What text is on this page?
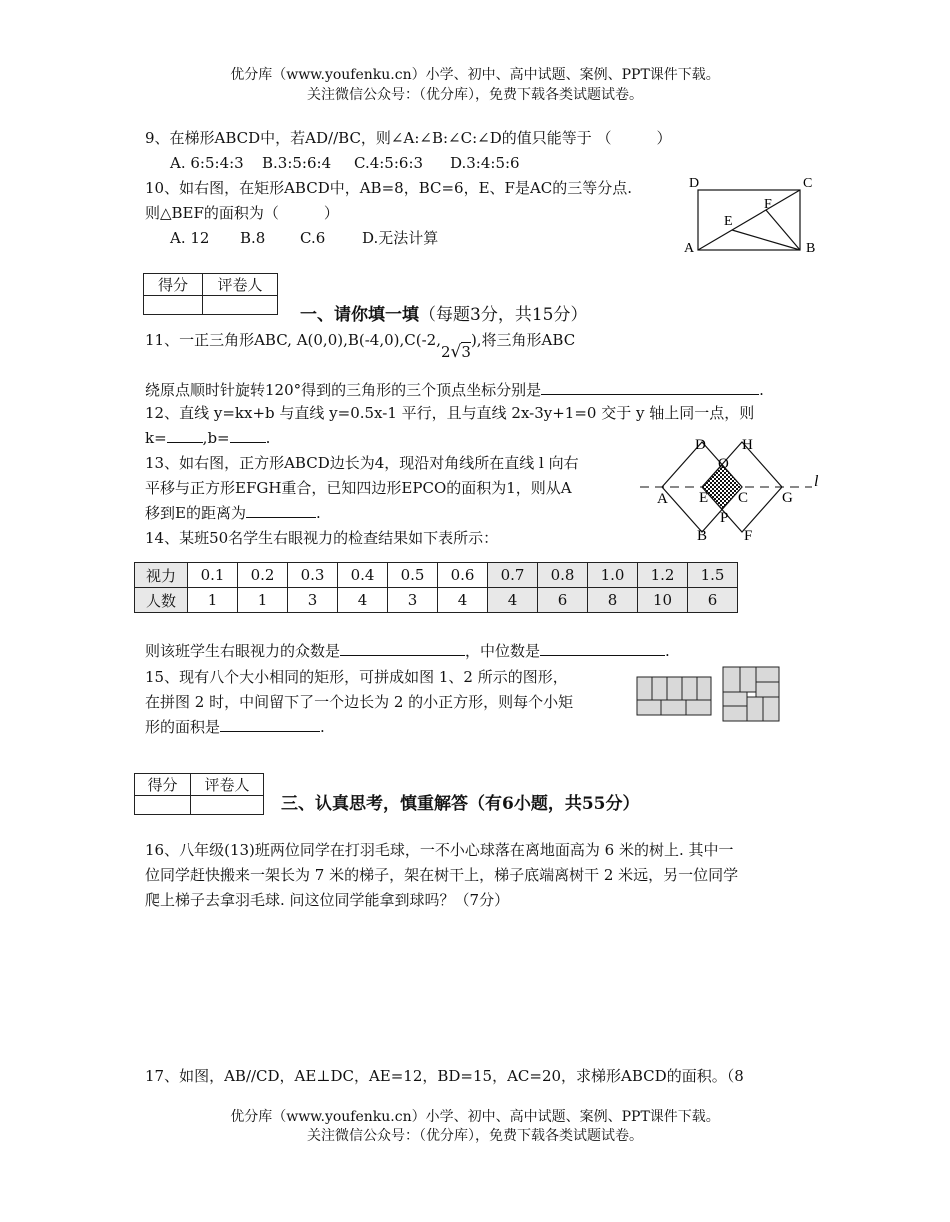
优分库（www.youfenku.cn）小学、初中、高中试题、案例、PPT课件下载。
关注微信公众号：（优分库），免费下载各类试题试卷。
9、在梯形ABCD中，若AD//BC，则∠A:∠B:∠C:∠D的值只能等于 （　　　）
A. 6:5:4:3 B.3:5:6:4 C.4:5:6:3 D.3:4:5:6
10、如右图，在矩形ABCD中，AB=8，BC=6，E、F是AC的三等分点.
则△BEF的面积为（　　　）
A. 12 B.8 C.6 D.无法计算
D	C
A	B
E
F
得分	评卷人

一、请你填一填（每题3分，共15分）
11、一正三角形ABC, A(0,0),B(-4,0),C(-2,2√3),将三角形ABC
绕原点顺时针旋转120°得到的三角形的三个顶点坐标分别是	.
12、直线 y=kx+b 与直线 y=0.5x-1 平行，且与直线 2x-3y+1=0 交于 y 轴上同一点，则
k= ,b= .
13、如右图，正方形ABCD边长为4，现沿对角线所在直线 l 向右
平移与正方形EFGH重合，已知四边形EPCO的面积为1，则从A
移到E的距离为	.
D H
O
A E C G
l
P
B F
14、某班50名学生右眼视力的检查结果如下表所示：
视力	0.1	0.2	0.3	0.4	0.5	0.6	0.7	0.8	1.0	1.2	1.5
人数	1	1	3	4	3	4	4	6	8	10	6
则该班学生右眼视力的众数是	，中位数是	.
15、现有八个大小相同的矩形，可拼成如图 1、2 所示的图形，
在拼图 2 时，中间留下了一个边长为 2 的小正方形，则每个小矩
形的面积是	.
得分	评卷人

三、认真思考，慎重解答（有6小题，共55分）
16、八年级(13)班两位同学在打羽毛球，一不小心球落在离地面高为 6 米的树上. 其中一
位同学赶快搬来一架长为 7 米的梯子，架在树干上，梯子底端离树干 2 米远，另一位同学
爬上梯子去拿羽毛球. 问这位同学能拿到球吗？（7分）
17、如图，AB//CD，AE⊥DC，AE=12，BD=15，AC=20，求梯形ABCD的面积。（8
优分库（www.youfenku.cn）小学、初中、高中试题、案例、PPT课件下载。
关注微信公众号：（优分库），免费下载各类试题试卷。
